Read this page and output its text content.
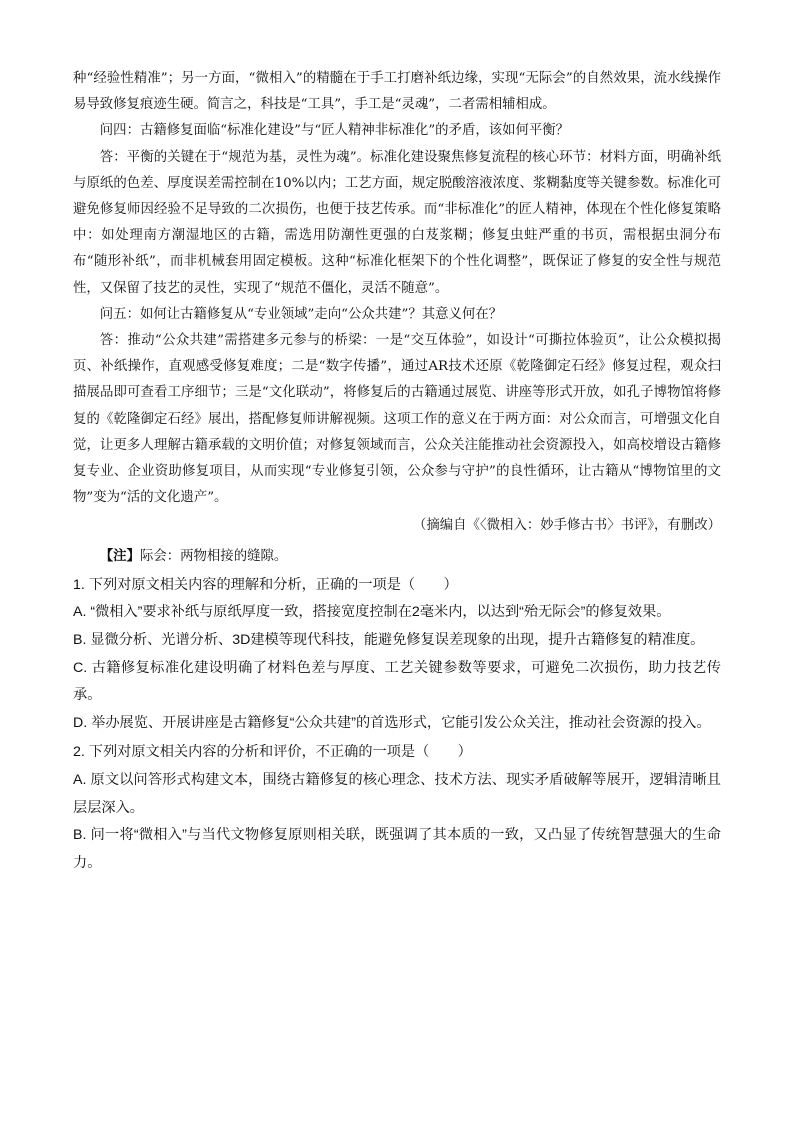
种“经验性精准”；另一方面，“微相入”的精髓在于手工打磨补纸边缘，实现“无际会”的自然效果，流水线操作易导致修复痕迹生硬。简言之，科技是“工具”，手工是“灵魂”，二者需相辅相成。

问四：古籍修复面临“标准化建设”与“匠人精神非标准化”的矛盾，该如何平衡？

答：平衡的关键在于“规范为基，灵性为魂”。标准化建设聚焦修复流程的核心环节：材料方面，明确补纸与原纸的色差、厚度误差需控制在10%以内；工艺方面，规定脱酸溶液浓度、浆糊黏度等关键参数。标准化可避免修复师因经验不足导致的二次损伤，也便于技艺传承。而“非标准化”的匠人精神，体现在个性化修复策略中：如处理南方潮湿地区的古籍，需选用防潮性更强的白芨浆糊；修复虫蛀严重的书页，需根据虫洞分布布“随形补纸”，而非机械套用固定模板。这种“标准化框架下的个性化调整”，既保证了修复的安全性与规范性，又保留了技艺的灵性，实现了“规范不僵化，灵活不随意”。

问五：如何让古籍修复从“专业领域”走向“公众共建”？其意义何在？

答：推动“公众共建”需搭建多元参与的桥梁：一是“交互体验”，如设计“可撕拉体验页”，让公众模拟揭页、补纸操作，直观感受修复难度；二是“数字传播”，通过AR技术还原《乾隆御定石经》修复过程，观众扫描展品即可查看工序细节；三是“文化联动”，将修复后的古籍通过展览、讲座等形式开放，如孔子博物馆将修复的《乾隆御定石经》展出，搭配修复师讲解视频。这项工作的意义在于两方面：对公众而言，可增强文化自觉，让更多人理解古籍承载的文明价值；对修复领域而言，公众关注能推动社会资源投入，如高校增设古籍修复专业、企业资助修复项目，从而实现“专业修复引领，公众参与守护”的良性循环，让古籍从“博物馆里的文物”变为“活的文化遗产”。

（摘编自《〈微相入：妙手修古书〉书评》，有删改）

【注】际会：两物相接的缝隙。

1. 下列对原文相关内容的理解和分析，正确的一项是（　　）

A. “微相入”要求补纸与原纸厚度一致，搭接宽度控制在2毫米内，以达到“殆无际会”的修复效果。

B. 显微分析、光谱分析、3D建模等现代科技，能避免修复误差现象的出现，提升古籍修复的精准度。

C. 古籍修复标准化建设明确了材料色差与厚度、工艺关键参数等要求，可避免二次损伤，助力技艺传承。

D. 举办展览、开展讲座是古籍修复“公众共建”的首选形式，它能引发公众关注，推动社会资源的投入。

2. 下列对原文相关内容的分析和评价，不正确的一项是（　　）

A. 原文以问答形式构建文本，围绕古籍修复的核心理念、技术方法、现实矛盾破解等展开，逻辑清晰且层层深入。

B. 问一将“微相入”与当代文物修复原则相关联，既强调了其本质的一致，又凸显了传统智慧强大的生命力。
